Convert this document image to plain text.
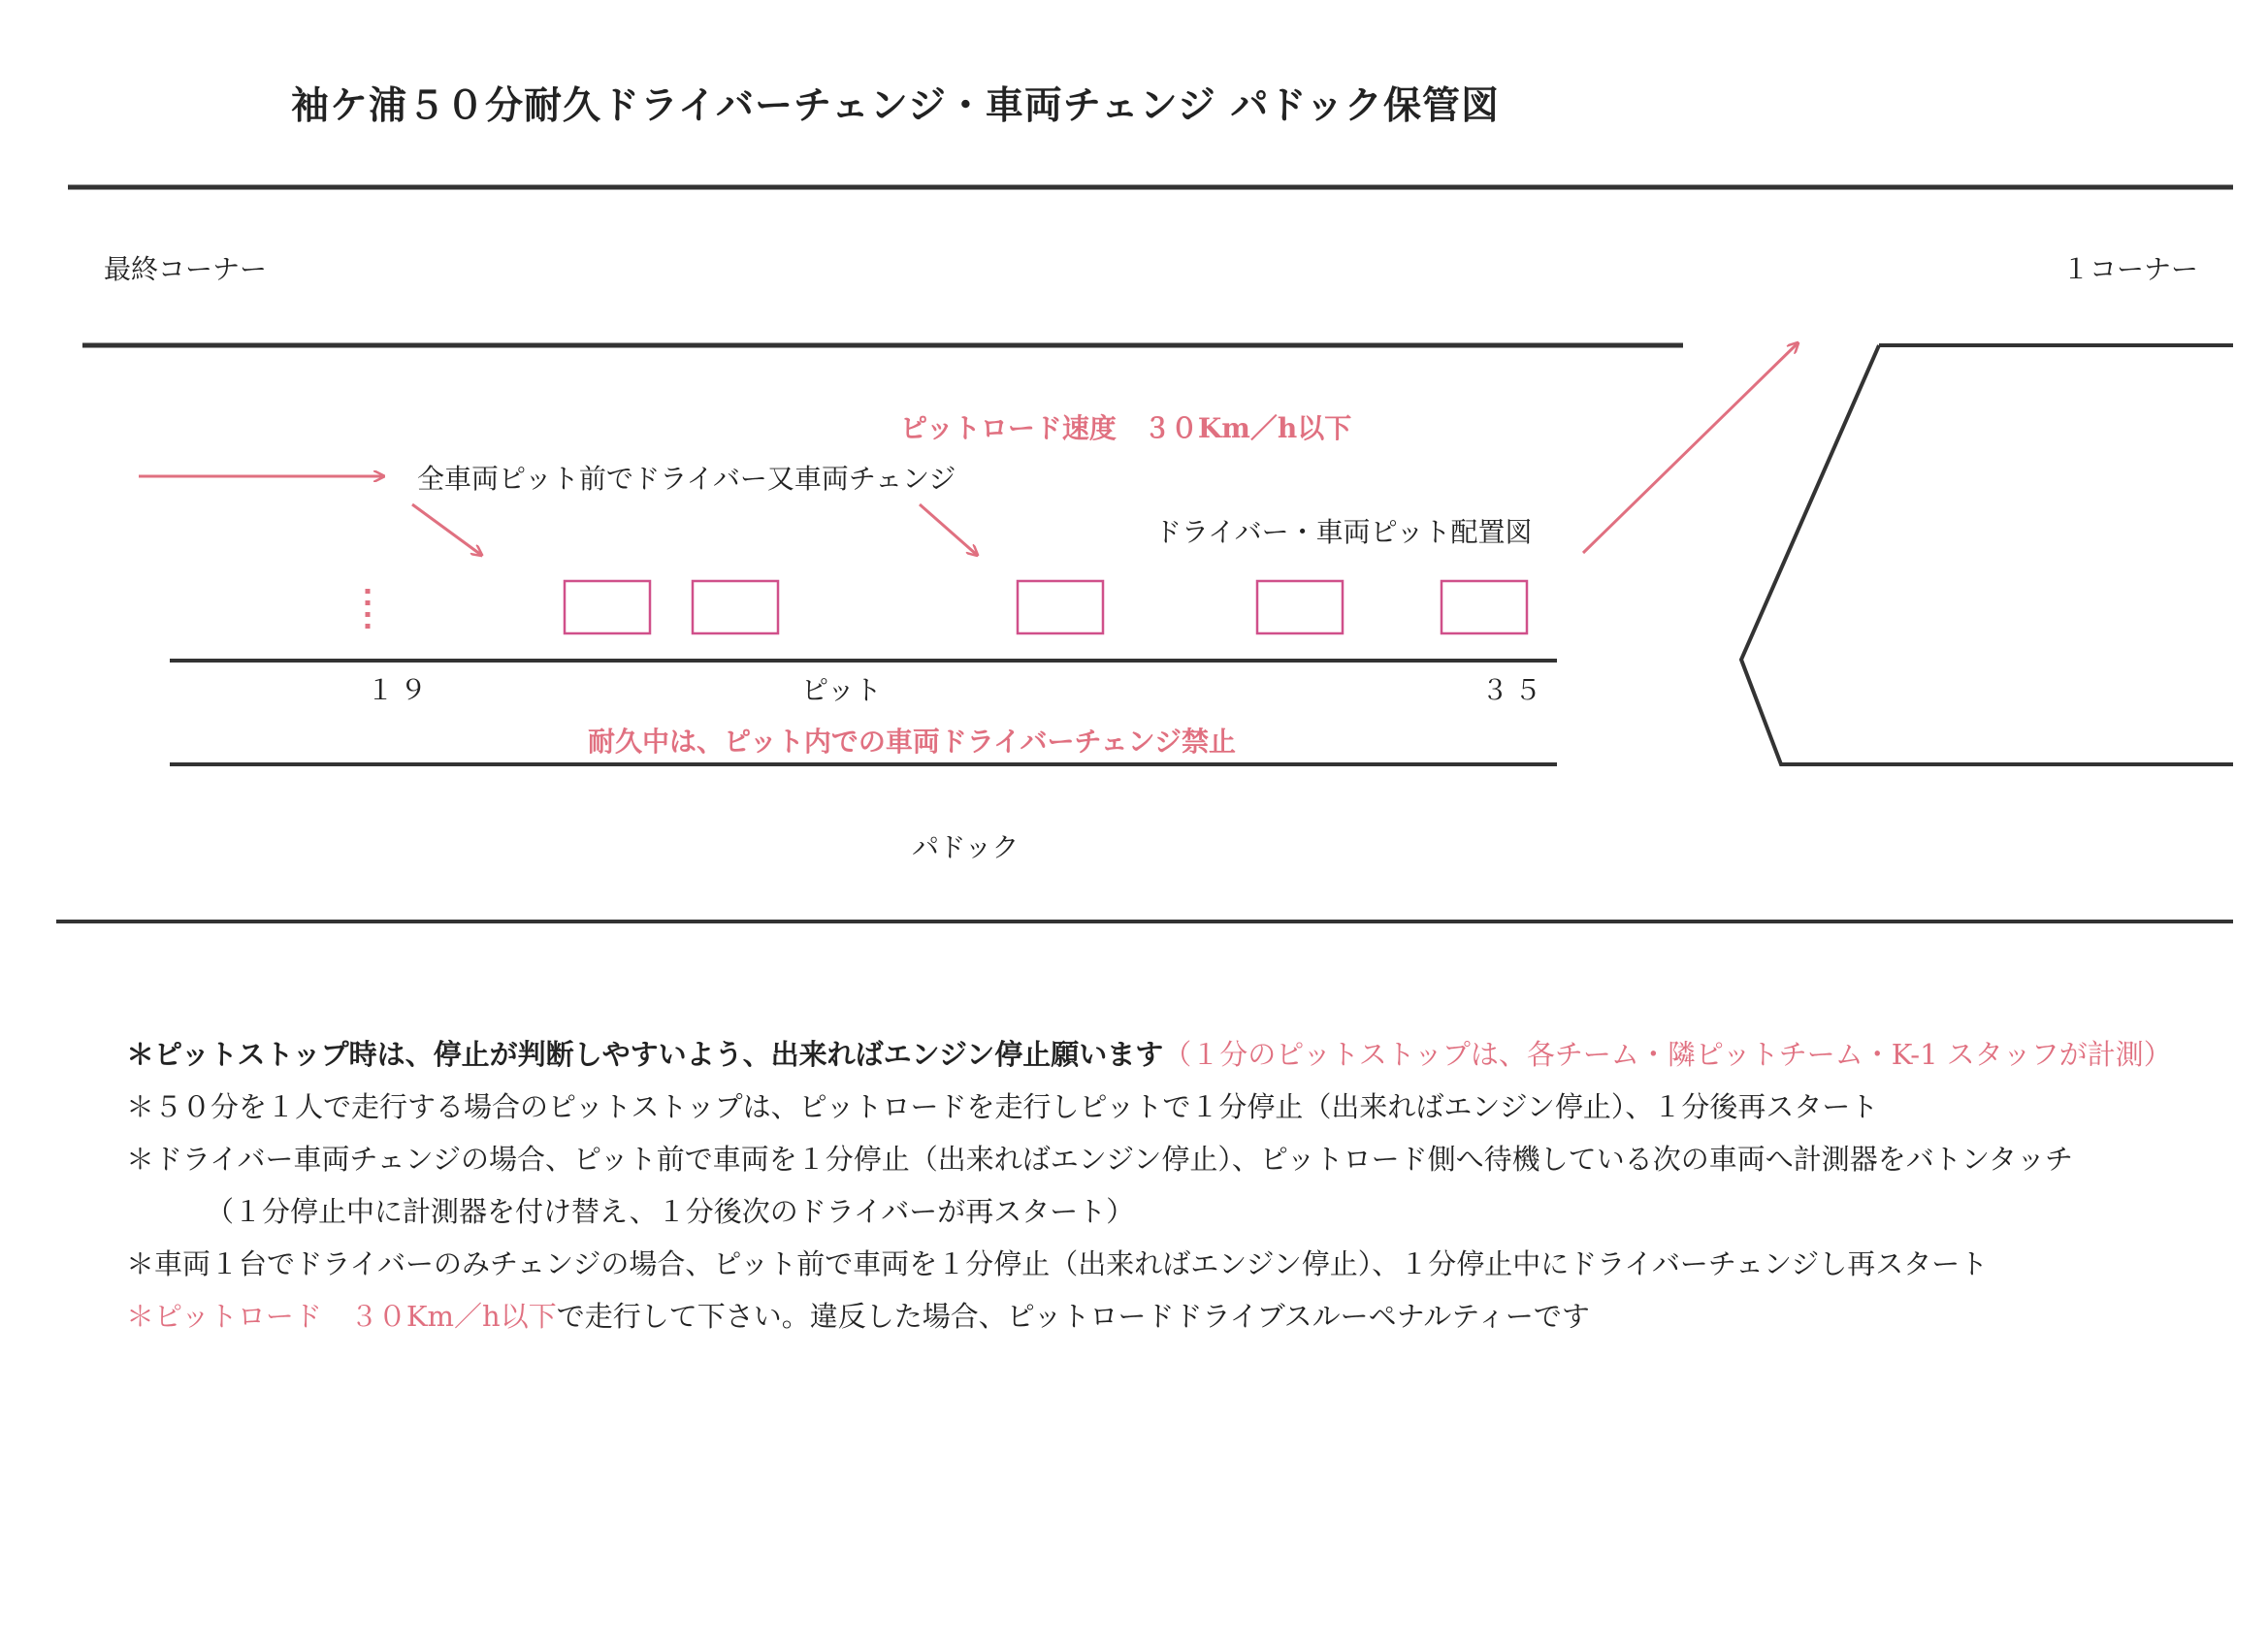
袖ケ浦５０分耐久ドライバーチェンジ・車両チェンジ パドック保管図
最終コーナー	１コーナー
ピットロード速度　３０Km／h以下
全車両ピット前でドライバー又車両チェンジ
ドライバー・車両ピット配置図
１９	ピット	３５
耐久中は、ピット内での車両ドライバーチェンジ禁止
パドック
＊ピットストップ時は、停止が判断しやすいよう、出来ればエンジン停止願います（１分のピットストップは、各チーム・隣ピットチーム・K-1 スタッフが計測）
＊５０分を１人で走行する場合のピットストップは、ピットロードを走行しピットで１分停止（出来ればエンジン停止）、１分後再スタート
＊ドライバー車両チェンジの場合、ピット前で車両を１分停止（出来ればエンジン停止）、ピットロード側へ待機している次の車両へ計測器をバトンタッチ
（１分停止中に計測器を付け替え、１分後次のドライバーが再スタート）
＊車両１台でドライバーのみチェンジの場合、ピット前で車両を１分停止（出来ればエンジン停止）、１分停止中にドライバーチェンジし再スタート
＊ピットロード　３０Km／h以下で走行して下さい。違反した場合、ピットロードドライブスルーペナルティーです
